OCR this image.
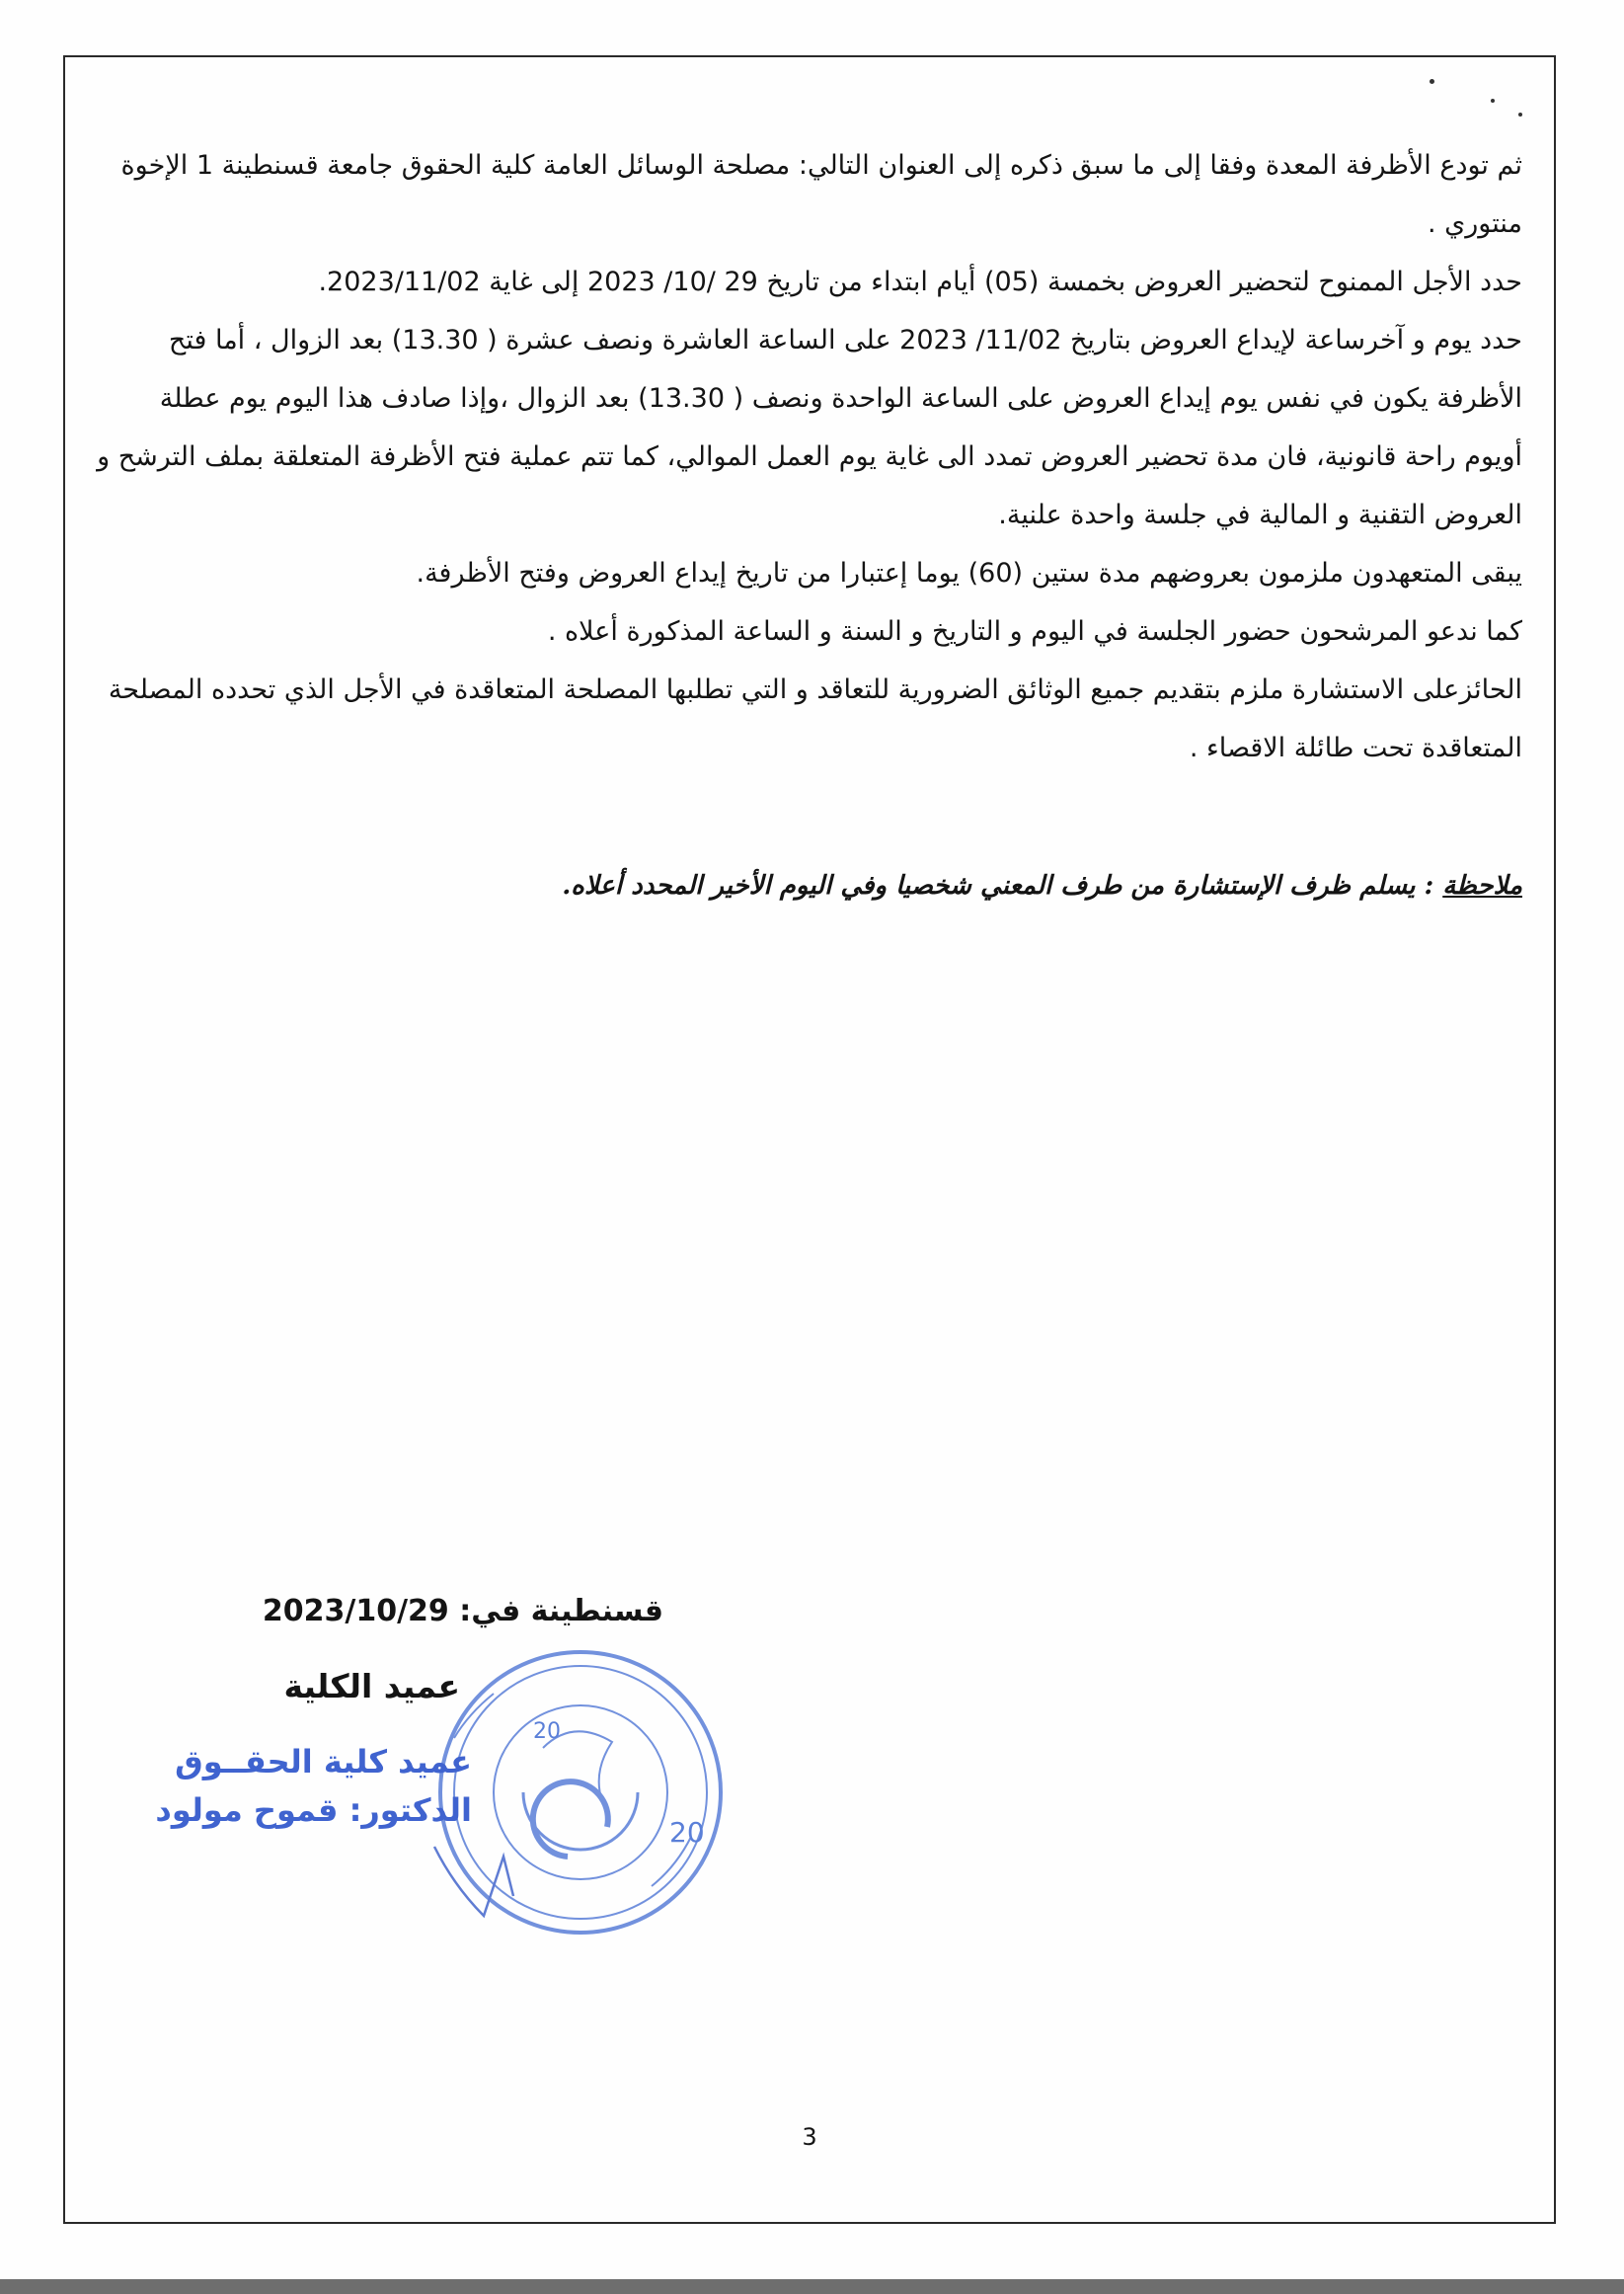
ثم تودع الأظرفة المعدة وفقا إلى ما سبق ذكره إلى العنوان التالي: مصلحة الوسائل العامة كلية الحقوق جامعة قسنطينة 1 الإخوة منتوري .

حدد الأجل الممنوح لتحضير العروض بخمسة (05) أيام ابتداء من تاريخ 29 /10/ 2023 إلى غاية 2023/11/02.

حدد يوم و آخرساعة لإيداع العروض بتاريخ 11/02/ 2023 على الساعة العاشرة ونصف عشرة ( 13.30) بعد الزوال ، أما فتح الأظرفة يكون في نفس يوم إيداع العروض على الساعة الواحدة ونصف ( 13.30) بعد الزوال ،وإذا صادف هذا اليوم يوم عطلة أويوم راحة قانونية، فان مدة تحضير العروض تمدد الى غاية يوم العمل الموالي، كما تتم عملية فتح الأظرفة المتعلقة بملف الترشح و العروض التقنية و المالية في جلسة واحدة علنية.

يبقى المتعهدون ملزمون بعروضهم مدة ستين (60) يوما إعتبارا من تاريخ إيداع العروض وفتح الأظرفة.

كما ندعو المرشحون حضور الجلسة في اليوم و التاريخ و السنة و الساعة المذكورة أعلاه .

الحائزعلى الاستشارة ملزم بتقديم جميع الوثائق الضرورية للتعاقد و التي تطلبها المصلحة المتعاقدة في الأجل الذي تحدده المصلحة المتعاقدة تحت طائلة الاقصاء .

ملاحظة : يسلم ظرف الإستشارة من طرف المعني شخصيا وفي اليوم الأخير المحدد أعلاه.
قسنطينة في: 2023/10/29
عميد الكلية
20
20
عميد كلية الحقــوق
الدكتور: قموح مولود
3
